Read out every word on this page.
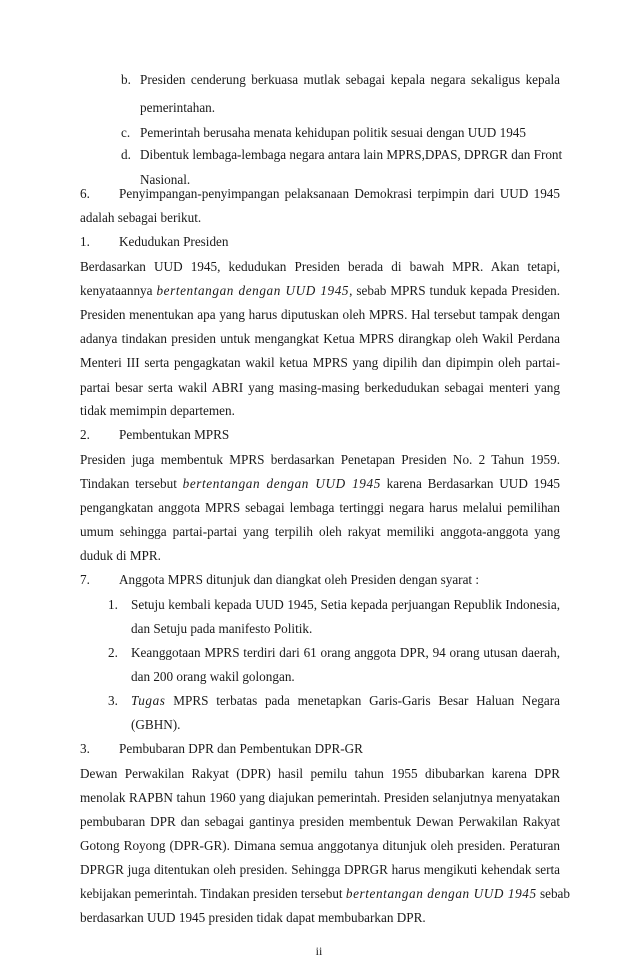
b. Presiden cenderung berkuasa mutlak sebagai kepala negara sekaligus kepala
pemerintahan.
c. Pemerintah berusaha menata kehidupan politik sesuai dengan UUD 1945
d. Dibentuk lembaga-lembaga negara antara lain MPRS,DPAS, DPRGR dan Front
Nasional.
6. Penyimpangan-penyimpangan pelaksanaan Demokrasi terpimpin dari UUD 1945
adalah sebagai berikut.
1. Kedudukan Presiden
Berdasarkan UUD 1945, kedudukan Presiden berada di bawah MPR. Akan tetapi,
kenyataannya bertentangan dengan UUD 1945, sebab MPRS tunduk kepada Presiden.
Presiden menentukan apa yang harus diputuskan oleh MPRS. Hal tersebut tampak dengan
adanya tindakan presiden untuk mengangkat Ketua MPRS dirangkap oleh Wakil Perdana
Menteri III serta pengagkatan wakil ketua MPRS yang dipilih dan dipimpin oleh partai-
partai besar serta wakil ABRI yang masing-masing berkedudukan sebagai menteri yang
tidak memimpin departemen.
2. Pembentukan MPRS
Presiden juga membentuk MPRS berdasarkan Penetapan Presiden No. 2 Tahun 1959.
Tindakan tersebut bertentangan dengan UUD 1945 karena Berdasarkan UUD 1945
pengangkatan anggota MPRS sebagai lembaga tertinggi negara harus melalui pemilihan
umum sehingga partai-partai yang terpilih oleh rakyat memiliki anggota-anggota yang
duduk di MPR.
7. Anggota MPRS ditunjuk dan diangkat oleh Presiden dengan syarat :
1. Setuju kembali kepada UUD 1945, Setia kepada perjuangan Republik Indonesia,
dan Setuju pada manifesto Politik.
2. Keanggotaan MPRS terdiri dari 61 orang anggota DPR, 94 orang utusan daerah,
dan 200 orang wakil golongan.
3. Tugas MPRS terbatas pada menetapkan Garis-Garis Besar Haluan Negara
(GBHN).
3. Pembubaran DPR dan Pembentukan DPR-GR
Dewan Perwakilan Rakyat (DPR) hasil pemilu tahun 1955 dibubarkan karena DPR
menolak RAPBN tahun 1960 yang diajukan pemerintah. Presiden selanjutnya menyatakan
pembubaran DPR dan sebagai gantinya presiden membentuk Dewan Perwakilan Rakyat
Gotong Royong (DPR-GR). Dimana semua anggotanya ditunjuk oleh presiden. Peraturan
DPRGR juga ditentukan oleh presiden. Sehingga DPRGR harus mengikuti kehendak serta
kebijakan pemerintah. Tindakan presiden tersebut bertentangan dengan UUD 1945 sebab
berdasarkan UUD 1945 presiden tidak dapat membubarkan DPR.
ii
